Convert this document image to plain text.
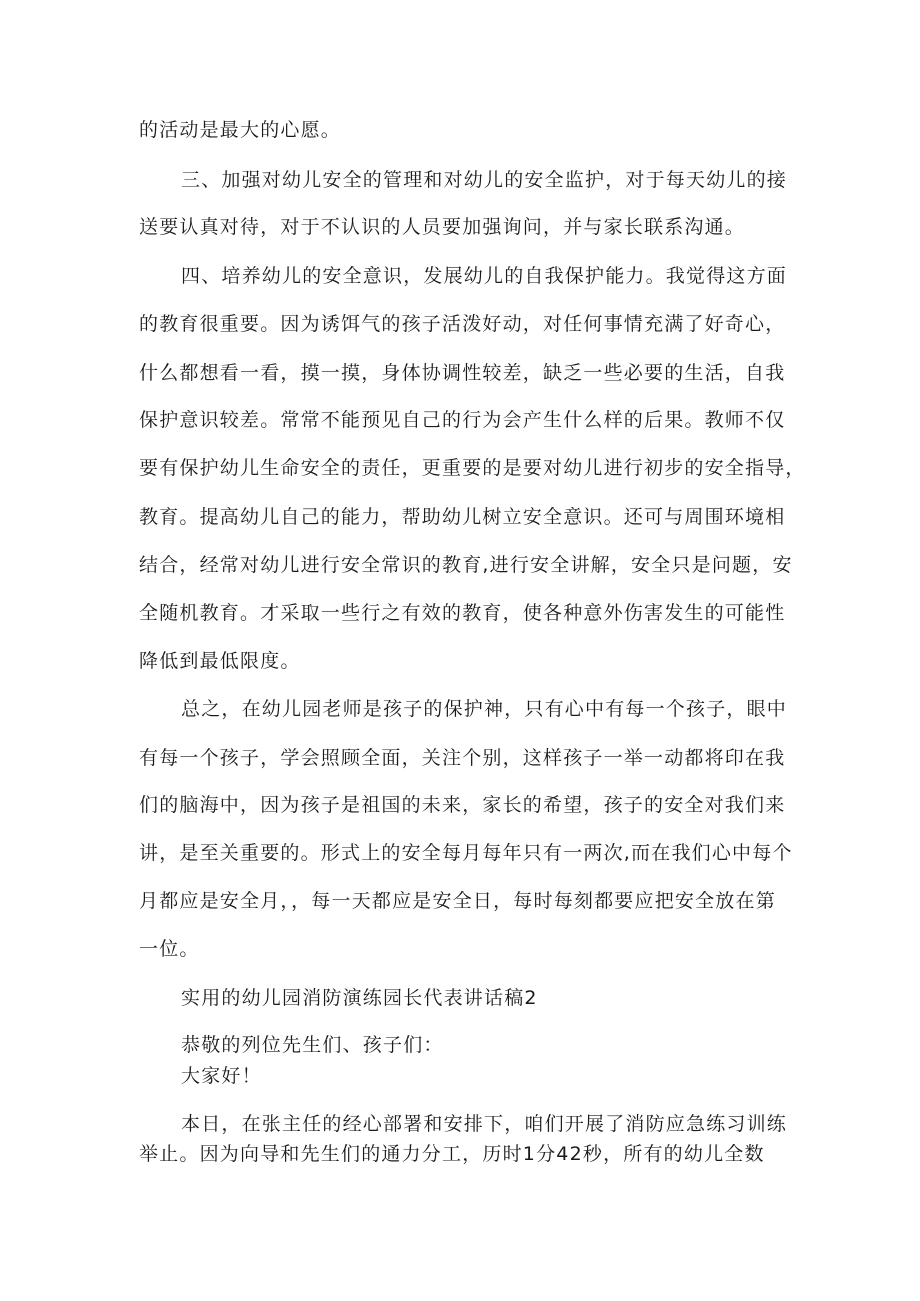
的活动是最大的心愿。
三、加强对幼儿安全的管理和对幼儿的安全监护，对于每天幼儿的接
送要认真对待，对于不认识的人员要加强询问，并与家长联系沟通。
四、培养幼儿的安全意识，发展幼儿的自我保护能力。我觉得这方面
的教育很重要。因为诱饵气的孩子活泼好动，对任何事情充满了好奇心，
什么都想看一看，摸一摸，身体协调性较差，缺乏一些必要的生活，自我
保护意识较差。常常不能预见自己的行为会产生什么样的后果。教师不仅
要有保护幼儿生命安全的责任，更重要的是要对幼儿进行初步的安全指导，
教育。提高幼儿自己的能力，帮助幼儿树立安全意识。还可与周围环境相
结合，经常对幼儿进行安全常识的教育,进行安全讲解，安全只是问题，安
全随机教育。才采取一些行之有效的教育，使各种意外伤害发生的可能性
降低到最低限度。
总之，在幼儿园老师是孩子的保护神，只有心中有每一个孩子，眼中
有每一个孩子，学会照顾全面，关注个别，这样孩子一举一动都将印在我
们的脑海中，因为孩子是祖国的未来，家长的希望，孩子的安全对我们来
讲，是至关重要的。形式上的安全每月每年只有一两次,而在我们心中每个
月都应是安全月，，每一天都应是安全日，每时每刻都要应把安全放在第
一位。
实用的幼儿园消防演练园长代表讲话稿2
恭敬的列位先生们、孩子们：
大家好！
本日，在张主任的经心部署和安排下，咱们开展了消防应急练习训练
举止。因为向导和先生们的通力分工，历时1分42秒，所有的幼儿全数
